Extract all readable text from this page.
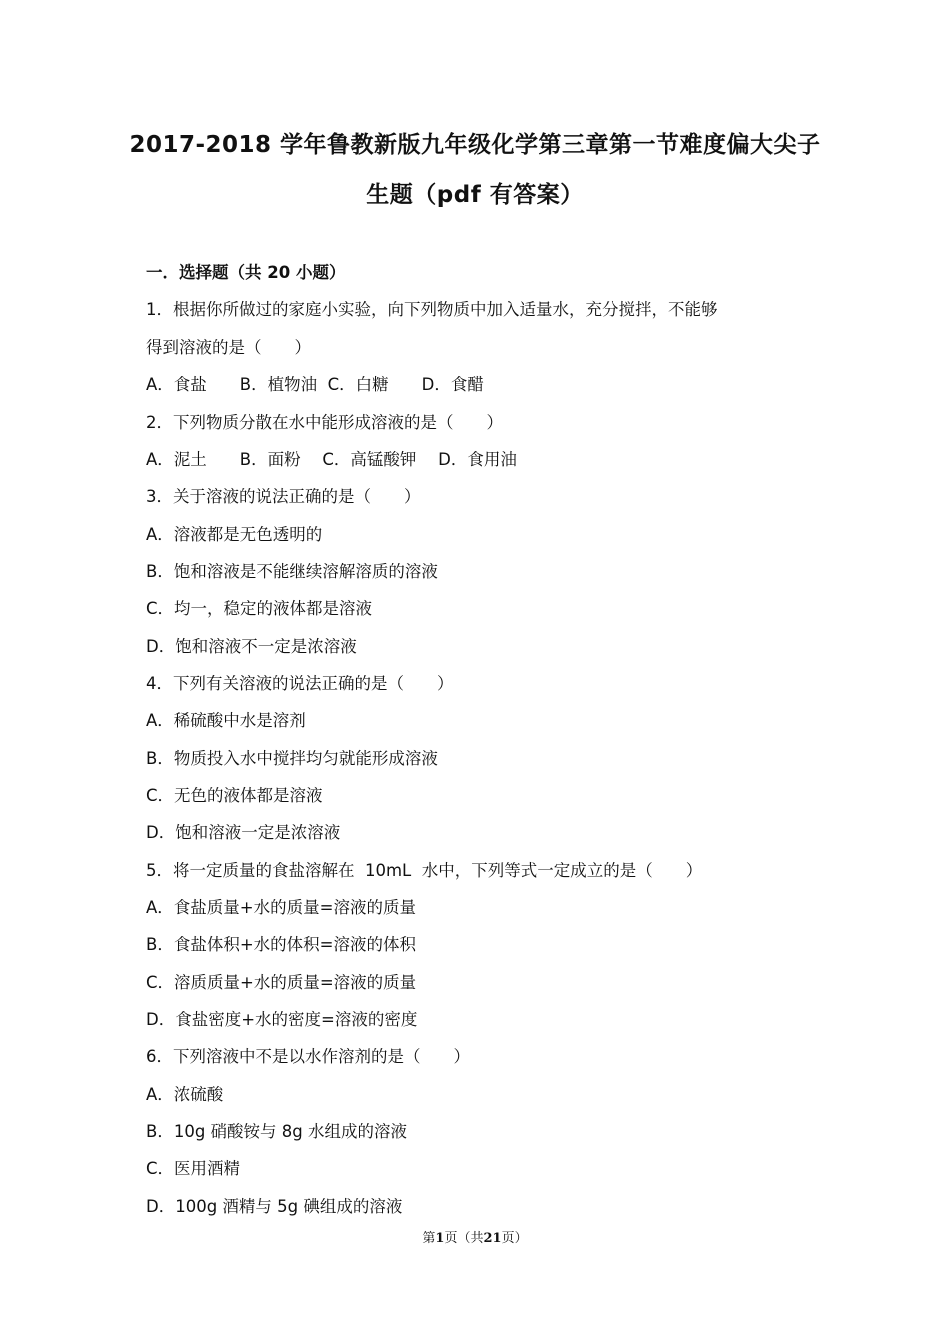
2017-2018 学年鲁教新版九年级化学第三章第一节难度偏大尖子
生题（pdf 有答案）
一．选择题（共 20 小题）
1．根据你所做过的家庭小实验，向下列物质中加入适量水，充分搅拌，不能够
得到溶液的是（　　）
A．食盐　　B．植物油  C．白糖　　D．食醋
2．下列物质分散在水中能形成溶液的是（　　）
A．泥土　　B．面粉　 C．高锰酸钾　 D．食用油
3．关于溶液的说法正确的是（　　）
A．溶液都是无色透明的
B．饱和溶液是不能继续溶解溶质的溶液
C．均一，稳定的液体都是溶液
D．饱和溶液不一定是浓溶液
4．下列有关溶液的说法正确的是（　　）
A．稀硫酸中水是溶剂
B．物质投入水中搅拌均匀就能形成溶液
C．无色的液体都是溶液
D．饱和溶液一定是浓溶液
5．将一定质量的食盐溶解在  10mL  水中，下列等式一定成立的是（　　）
A．食盐质量+水的质量=溶液的质量
B．食盐体积+水的体积=溶液的体积
C．溶质质量+水的质量=溶液的质量
D．食盐密度+水的密度=溶液的密度
6．下列溶液中不是以水作溶剂的是（　　）
A．浓硫酸
B．10g 硝酸铵与 8g 水组成的溶液
C．医用酒精
D．100g 酒精与 5g 碘组成的溶液
第1页（共21页）
